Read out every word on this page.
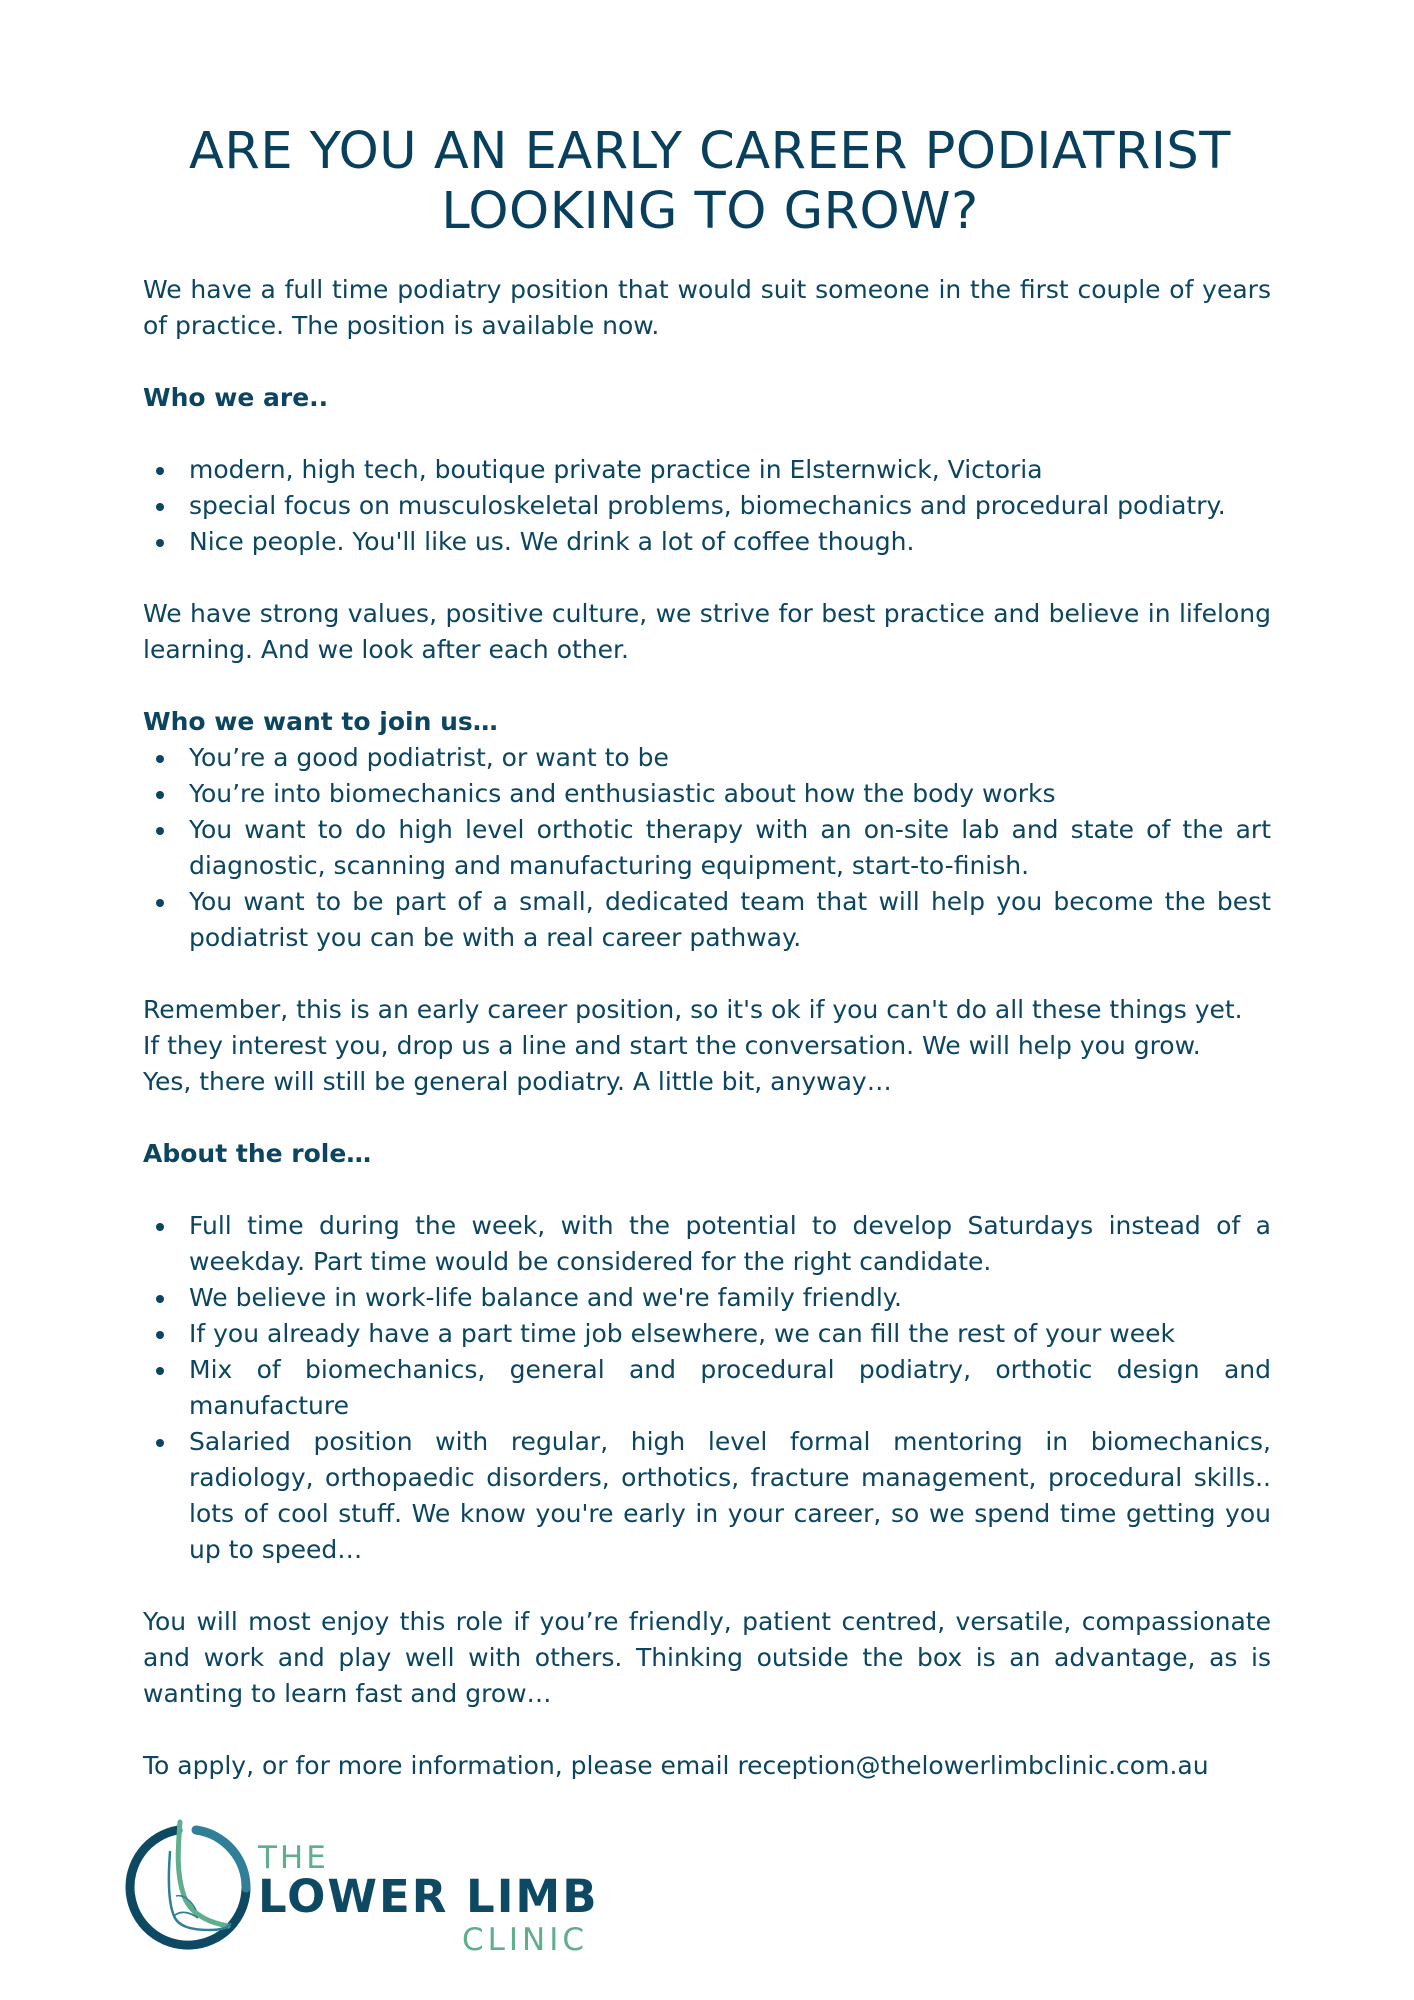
ARE YOU AN EARLY CAREER PODIATRIST
LOOKING TO GROW?

We have a full time podiatry position that would suit someone in the first couple of years of practice. The position is available now.

Who we are..

modern, high tech, boutique private practice in Elsternwick, Victoria
special focus on musculoskeletal problems, biomechanics and procedural podiatry.
Nice people. You'll like us. We drink a lot of coffee though.

We have strong values, positive culture, we strive for best practice and believe in lifelong learning. And we look after each other.

Who we want to join us…

You’re a good podiatrist, or want to be
You’re into biomechanics and enthusiastic about how the body works
You want to do high level orthotic therapy with an on-site lab and state of the art diagnostic, scanning and manufacturing equipment, start-to-finish.
You want to be part of a small, dedicated team that will help you become the best podiatrist you can be with a real career pathway.

Remember, this is an early career position, so it's ok if you can't do all these things yet.

If they interest you, drop us a line and start the conversation. We will help you grow.

Yes, there will still be general podiatry. A little bit, anyway…

About the role…

Full time during the week, with the potential to develop Saturdays instead of a weekday. Part time would be considered for the right candidate.
We believe in work-life balance and we're family friendly.
If you already have a part time job elsewhere, we can fill the rest of your week
Mix of biomechanics, general and procedural podiatry, orthotic design and manufacture
Salaried position with regular, high level formal mentoring in biomechanics, radiology, orthopaedic disorders, orthotics, fracture management, procedural skills.. lots of cool stuff. We know you're early in your career, so we spend time getting you up to speed…

You will most enjoy this role if you’re friendly, patient centred, versatile, compassionate and work and play well with others. Thinking outside the box is an advantage, as is wanting to learn fast and grow…

To apply, or for more information, please email reception@thelowerlimbclinic.com.au

THE
LOWER LIMB
CLINIC
